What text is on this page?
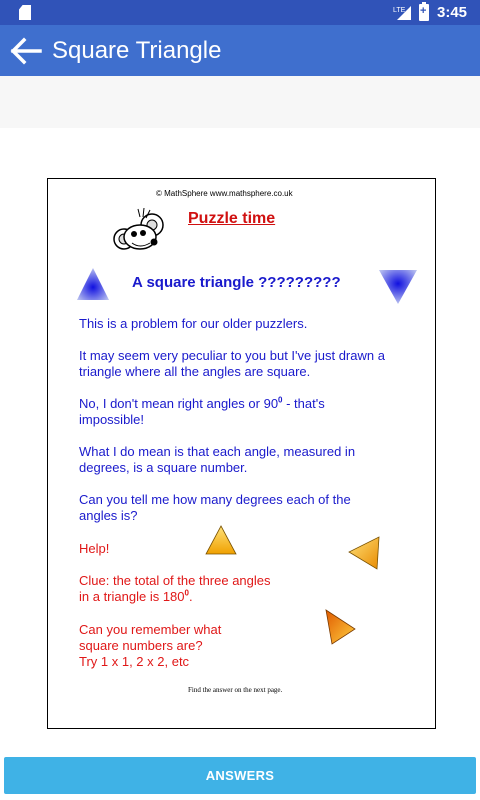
LTE + 3:45
Square Triangle
© MathSphere www.mathsphere.co.uk
Puzzle time
A square triangle ?????????
This is a problem for our older puzzlers.
It may seem very peculiar to you but I've just drawn a triangle where all the angles are square.
No, I don't mean right angles or $90^0$ - that's impossible!
What I do mean is that each angle, measured in degrees, is a square number.
Can you tell me how many degrees each of the angles is?
Help!
Clue: the total of the three angles
in a triangle is $180^0$.
Can you remember what
square numbers are?
Try 1 x 1, 2 x 2, etc
Find the answer on the next page.
ANSWERS
